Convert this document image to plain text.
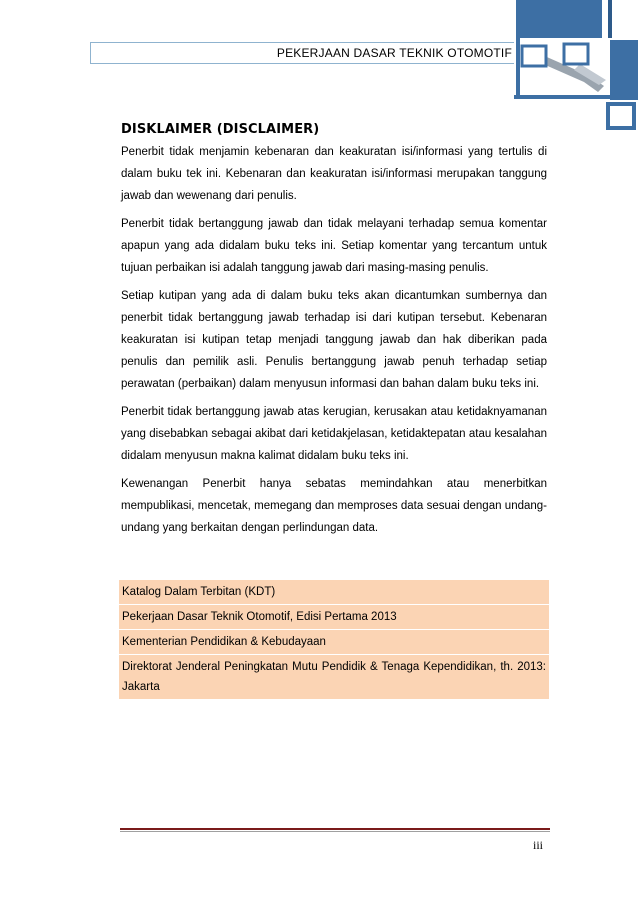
PEKERJAAN DASAR TEKNIK OTOMOTIF
DISKLAIMER (DISCLAIMER)

Penerbit tidak menjamin kebenaran dan keakuratan isi/informasi yang tertulis di dalam buku tek ini. Kebenaran dan keakuratan isi/informasi merupakan tanggung jawab dan wewenang dari penulis.

Penerbit tidak bertanggung jawab dan tidak melayani terhadap semua komentar apapun yang ada didalam buku teks ini. Setiap komentar yang tercantum untuk tujuan perbaikan isi adalah tanggung jawab dari masing-masing penulis.

Setiap kutipan yang ada di dalam buku teks akan dicantumkan sumbernya dan penerbit tidak bertanggung jawab terhadap isi dari kutipan tersebut. Kebenaran keakuratan isi kutipan tetap menjadi tanggung jawab dan hak diberikan pada penulis dan pemilik asli. Penulis bertanggung jawab penuh terhadap setiap perawatan (perbaikan) dalam menyusun informasi dan bahan dalam buku teks ini.

Penerbit tidak bertanggung jawab atas kerugian, kerusakan atau ketidaknyamanan yang disebabkan sebagai akibat dari ketidakjelasan, ketidaktepatan atau kesalahan didalam menyusun makna kalimat didalam buku teks ini.

Kewenangan Penerbit hanya sebatas memindahkan atau menerbitkan mempublikasi, mencetak, memegang dan memproses data sesuai dengan undang-undang yang berkaitan dengan perlindungan data.

Katalog Dalam Terbitan (KDT)
Pekerjaan Dasar Teknik Otomotif, Edisi Pertama 2013
Kementerian Pendidikan & Kebudayaan
Direktorat Jenderal Peningkatan Mutu Pendidik & Tenaga Kependidikan, th. 2013: Jakarta
iii
